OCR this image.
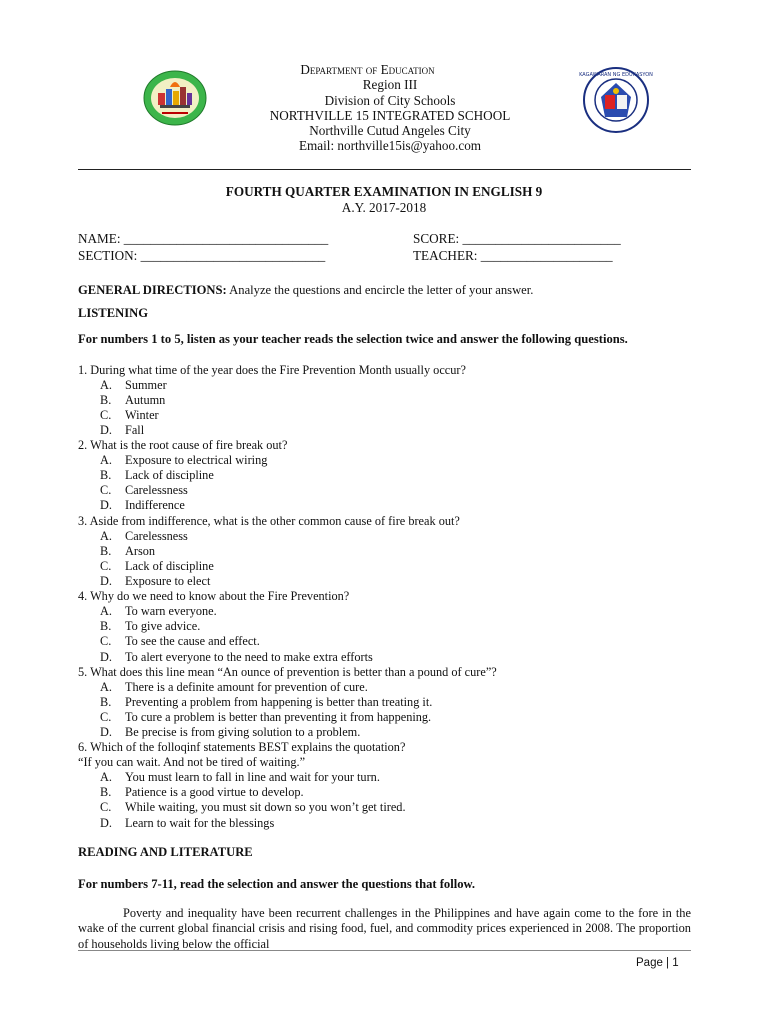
KAGAWARAN NG EDUKASYON
Department of Education
Region III
Division of City Schools
NORTHVILLE 15 INTEGRATED SCHOOL
Northville Cutud Angeles City
Email: northville15is@yahoo.com
FOURTH QUARTER EXAMINATION IN ENGLISH 9
A.Y. 2017-2018
NAME: _______________________________	SCORE: ________________________
SECTION: ____________________________	TEACHER: ____________________
GENERAL DIRECTIONS: Analyze the questions and encircle the letter of your answer.
LISTENING
For numbers 1 to 5, listen as your teacher reads the selection twice and answer the following questions.
1. During what time of the year does the Fire Prevention Month usually occur?
A. Summer
B. Autumn
C. Winter
D. Fall
2. What is the root cause of fire break out?
A. Exposure to electrical wiring
B. Lack of discipline
C. Carelessness
D. Indifference
3. Aside from indifference, what is the other common cause of fire break out?
A. Carelessness
B. Arson
C. Lack of discipline
D. Exposure to elect
4. Why do we need to know about the Fire Prevention?
A. To warn everyone.
B. To give advice.
C. To see the cause and effect.
D. To alert everyone to the need to make extra efforts
5. What does this line mean “An ounce of prevention is better than a pound of cure”?
A. There is a definite amount for prevention of cure.
B. Preventing a problem from happening is better than treating it.
C. To cure a problem is better than preventing it from happening.
D. Be precise is from giving solution to a problem.
6. Which of the folloqinf statements BEST explains the quotation?
“If you can wait. And not be tired of waiting.”
A. You must learn to fall in line and wait for your turn.
B. Patience is a good virtue to develop.
C. While waiting, you must sit down so you won’t get tired.
D. Learn to wait for the blessings
READING AND LITERATURE
For numbers 7-11, read the selection and answer the questions that follow.
Poverty and inequality have been recurrent challenges in the Philippines and have again come to the fore in the wake of the current global financial crisis and rising food, fuel, and commodity prices experienced in 2008. The proportion of households living below the official
Page | 1
